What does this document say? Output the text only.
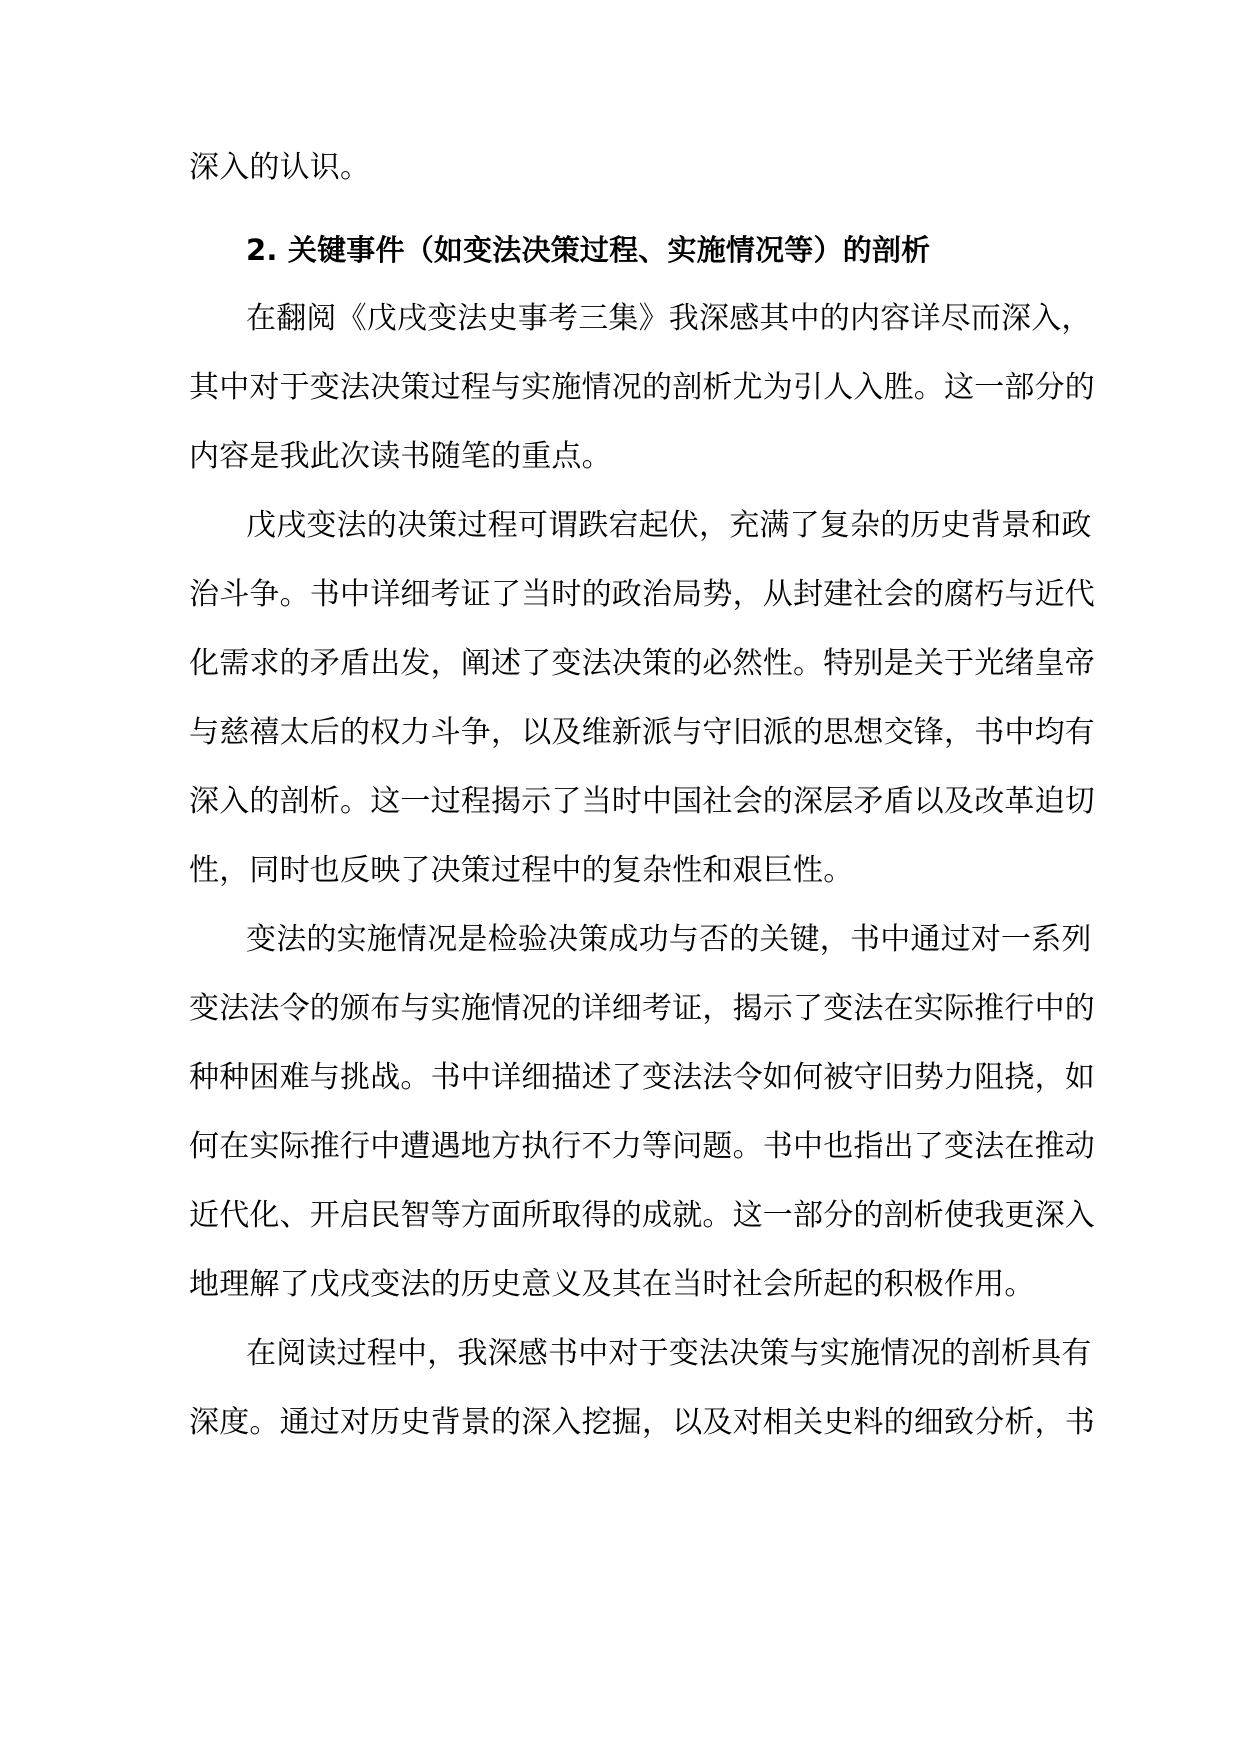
深入的认识。
2. 关键事件（如变法决策过程、实施情况等）的剖析
在翻阅《戊戌变法史事考三集》我深感其中的内容详尽而深入，
其中对于变法决策过程与实施情况的剖析尤为引人入胜。这一部分的
内容是我此次读书随笔的重点。
戊戌变法的决策过程可谓跌宕起伏，充满了复杂的历史背景和政
治斗争。书中详细考证了当时的政治局势，从封建社会的腐朽与近代
化需求的矛盾出发，阐述了变法决策的必然性。特别是关于光绪皇帝
与慈禧太后的权力斗争，以及维新派与守旧派的思想交锋，书中均有
深入的剖析。这一过程揭示了当时中国社会的深层矛盾以及改革迫切
性，同时也反映了决策过程中的复杂性和艰巨性。
变法的实施情况是检验决策成功与否的关键，书中通过对一系列
变法法令的颁布与实施情况的详细考证，揭示了变法在实际推行中的
种种困难与挑战。书中详细描述了变法法令如何被守旧势力阻挠，如
何在实际推行中遭遇地方执行不力等问题。书中也指出了变法在推动
近代化、开启民智等方面所取得的成就。这一部分的剖析使我更深入
地理解了戊戌变法的历史意义及其在当时社会所起的积极作用。
在阅读过程中，我深感书中对于变法决策与实施情况的剖析具有
深度。通过对历史背景的深入挖掘，以及对相关史料的细致分析，书
